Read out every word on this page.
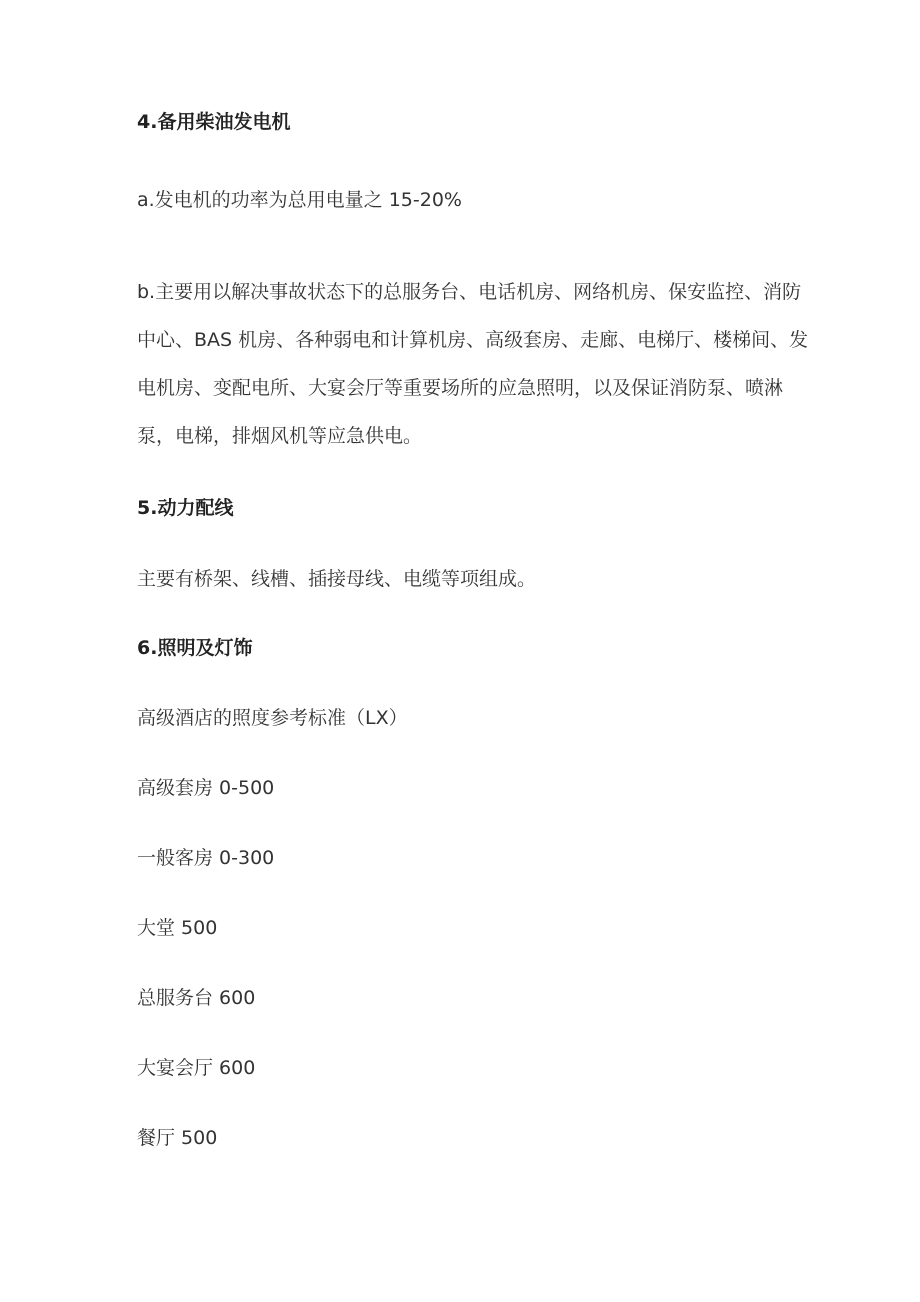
4.备用柴油发电机

a.发电机的功率为总用电量之 15-20%

b.主要用以解决事故状态下的总服务台、电话机房、网络机房、保安监控、消防中心、BAS 机房、各种弱电和计算机房、高级套房、走廊、电梯厅、楼梯间、发电机房、变配电所、大宴会厅等重要场所的应急照明，以及保证消防泵、喷淋泵，电梯，排烟风机等应急供电。

5.动力配线

主要有桥架、线槽、插接母线、电缆等项组成。

6.照明及灯饰

高级酒店的照度参考标准（LX）

高级套房 0-500

一般客房 0-300

大堂 500

总服务台 600

大宴会厅 600

餐厅 500
